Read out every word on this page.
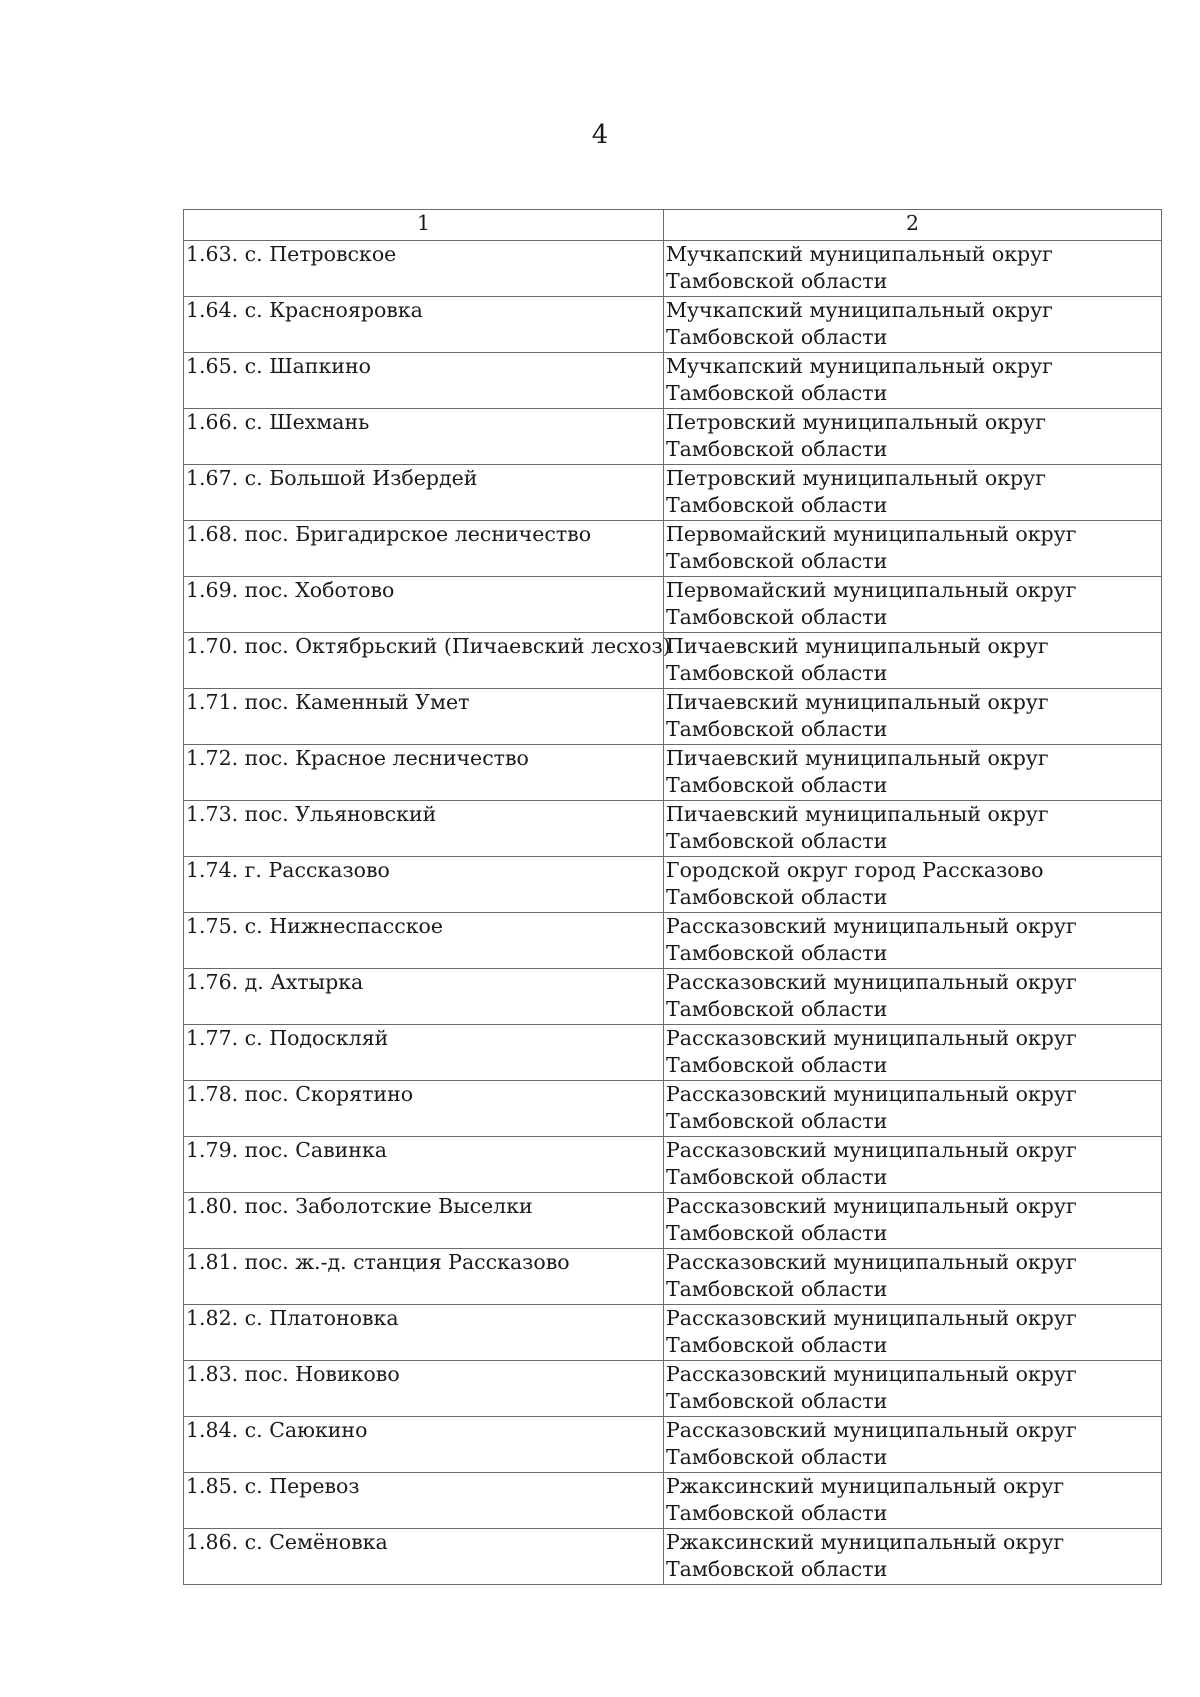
4
1	2
1.63. с. Петровское	Мучкапский муниципальный округ Тамбовской области
1.64. с. Краснояровка	Мучкапский муниципальный округ Тамбовской области
1.65. с. Шапкино	Мучкапский муниципальный округ Тамбовской области
1.66. с. Шехмань	Петровский муниципальный округ Тамбовской области
1.67. с. Большой Избердей	Петровский муниципальный округ Тамбовской области
1.68. пос. Бригадирское лесничество	Первомайский муниципальный округ Тамбовской области
1.69. пос. Хоботово	Первомайский муниципальный округ Тамбовской области
1.70. пос. Октябрьский (Пичаевский лесхоз)	Пичаевский муниципальный округ Тамбовской области
1.71. пос. Каменный Умет	Пичаевский муниципальный округ Тамбовской области
1.72. пос. Красное лесничество	Пичаевский муниципальный округ Тамбовской области
1.73. пос. Ульяновский	Пичаевский муниципальный округ Тамбовской области
1.74. г. Рассказово	Городской округ город Рассказово Тамбовской области
1.75. с. Нижнеспасское	Рассказовский муниципальный округ Тамбовской области
1.76. д. Ахтырка	Рассказовский муниципальный округ Тамбовской области
1.77. с. Подоскляй	Рассказовский муниципальный округ Тамбовской области
1.78. пос. Скорятино	Рассказовский муниципальный округ Тамбовской области
1.79. пос. Савинка	Рассказовский муниципальный округ Тамбовской области
1.80. пос. Заболотские Выселки	Рассказовский муниципальный округ Тамбовской области
1.81. пос. ж.-д. станция Рассказово	Рассказовский муниципальный округ Тамбовской области
1.82. с. Платоновка	Рассказовский муниципальный округ Тамбовской области
1.83. пос. Новиково	Рассказовский муниципальный округ Тамбовской области
1.84. с. Саюкино	Рассказовский муниципальный округ Тамбовской области
1.85. с. Перевоз	Ржаксинский муниципальный округ Тамбовской области
1.86. с. Семёновка	Ржаксинский муниципальный округ Тамбовской области
